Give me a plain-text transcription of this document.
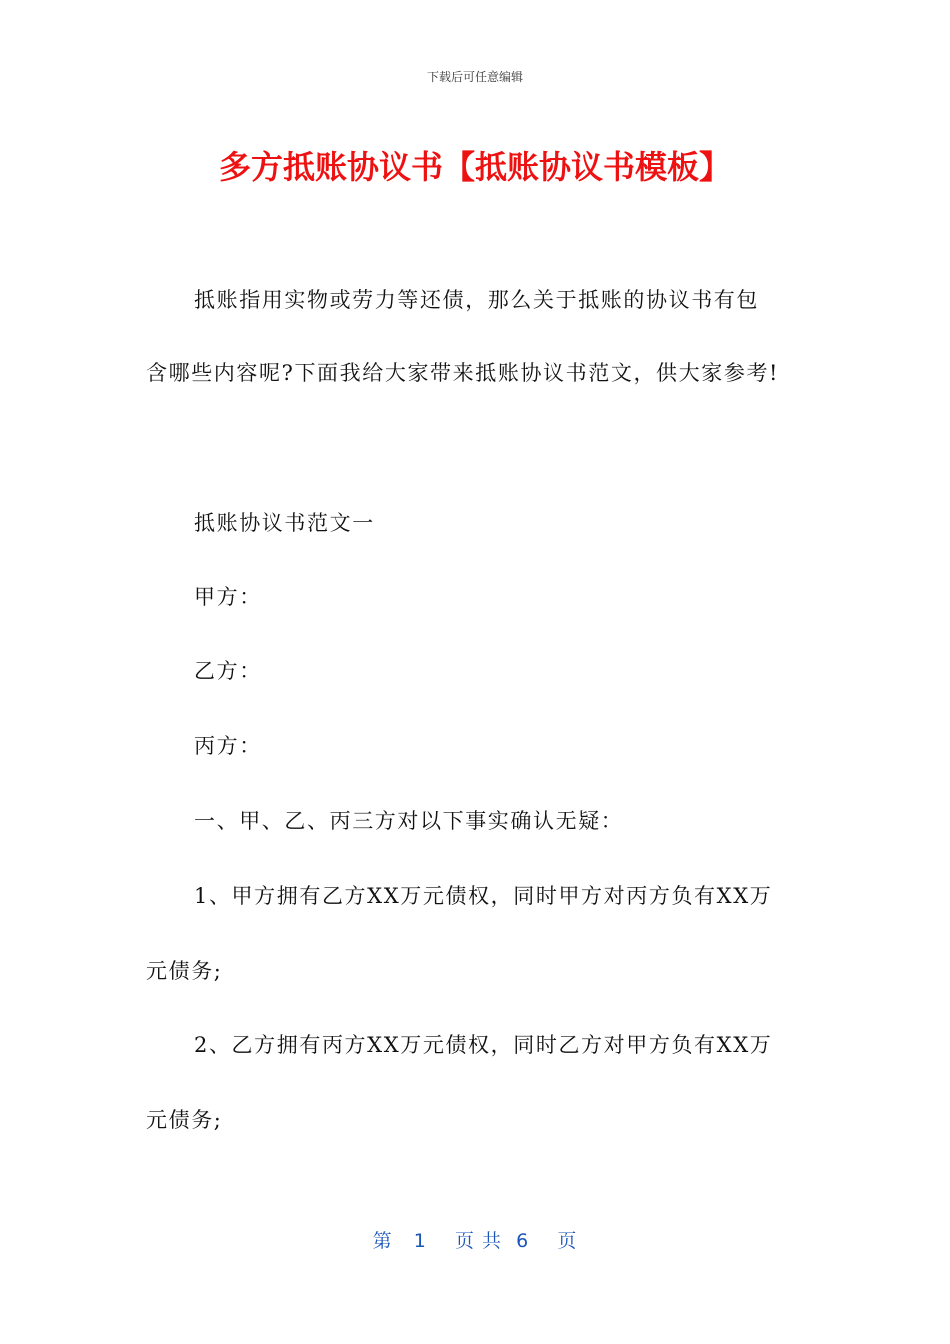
下载后可任意编辑
多方抵账协议书【抵账协议书模板】
抵账指用实物或劳力等还债，那么关于抵账的协议书有包
含哪些内容呢?下面我给大家带来抵账协议书范文，供大家参考!
抵账协议书范文一
甲方：
乙方：
丙方：
一、甲、乙、丙三方对以下事实确认无疑：
1、甲方拥有乙方XX万元债权，同时甲方对丙方负有XX万
元债务;
2、乙方拥有丙方XX万元债权，同时乙方对甲方负有XX万
元债务;
第 1 页 共 6 页
